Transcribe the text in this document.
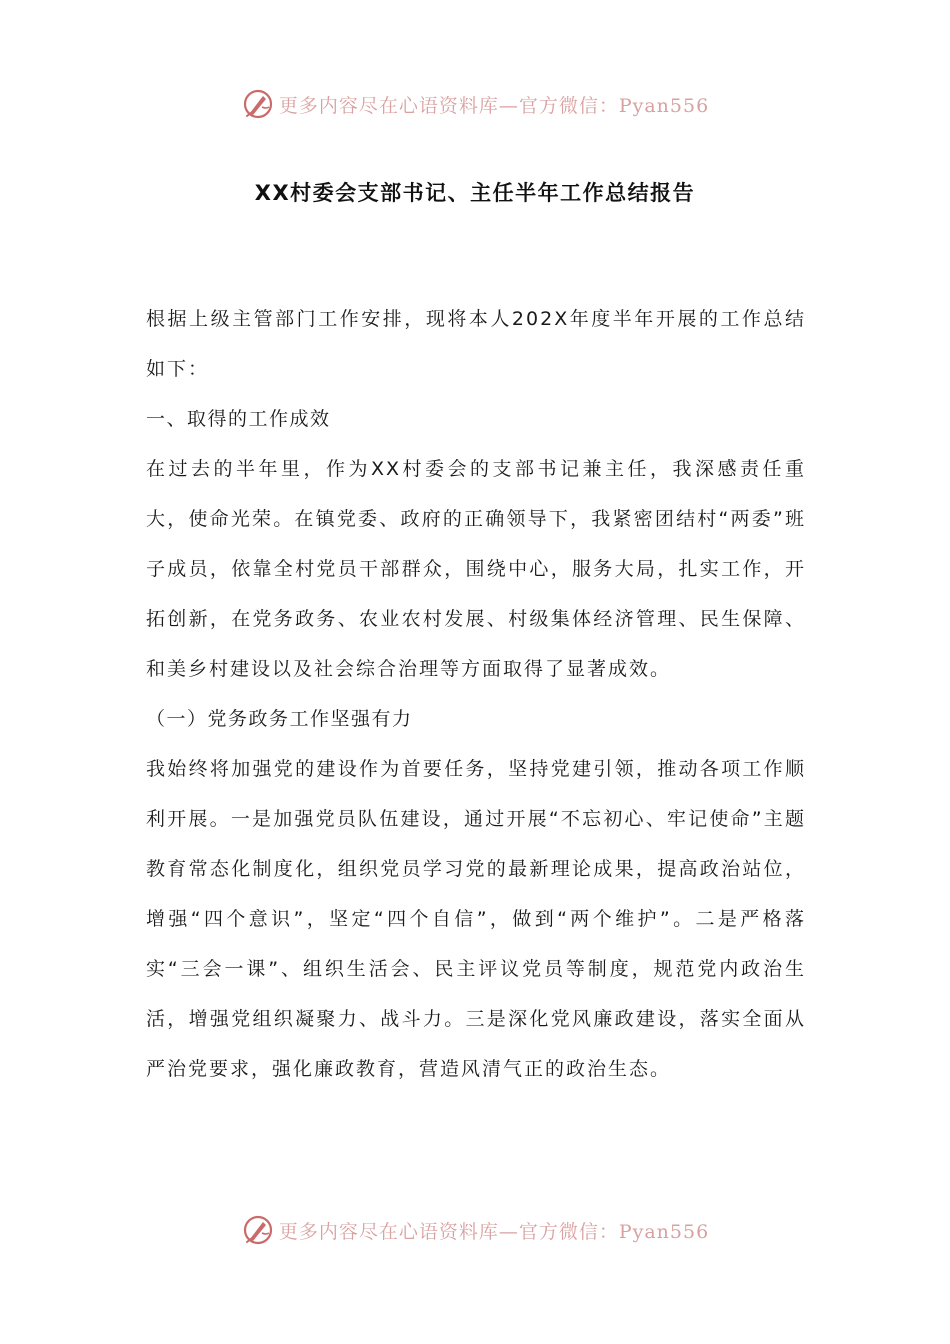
更多内容尽在心语资料库—官方微信：Pyan556
XX村委会支部书记、主任半年工作总结报告

根据上级主管部门工作安排，现将本人202X年度半年开展的工作总结如下：

一、取得的工作成效

在过去的半年里，作为XX村委会的支部书记兼主任，我深感责任重大，使命光荣。在镇党委、政府的正确领导下，我紧密团结村“两委”班子成员，依靠全村党员干部群众，围绕中心，服务大局，扎实工作，开拓创新，在党务政务、农业农村发展、村级集体经济管理、民生保障、和美乡村建设以及社会综合治理等方面取得了显著成效。

（一）党务政务工作坚强有力

我始终将加强党的建设作为首要任务，坚持党建引领，推动各项工作顺利开展。一是加强党员队伍建设，通过开展“不忘初心、牢记使命”主题教育常态化制度化，组织党员学习党的最新理论成果，提高政治站位，增强“四个意识”，坚定“四个自信”，做到“两个维护”。二是严格落实“三会一课”、组织生活会、民主评议党员等制度，规范党内政治生活，增强党组织凝聚力、战斗力。三是深化党风廉政建设，落实全面从严治党要求，强化廉政教育，营造风清气正的政治生态。

更多内容尽在心语资料库—官方微信：Pyan556
